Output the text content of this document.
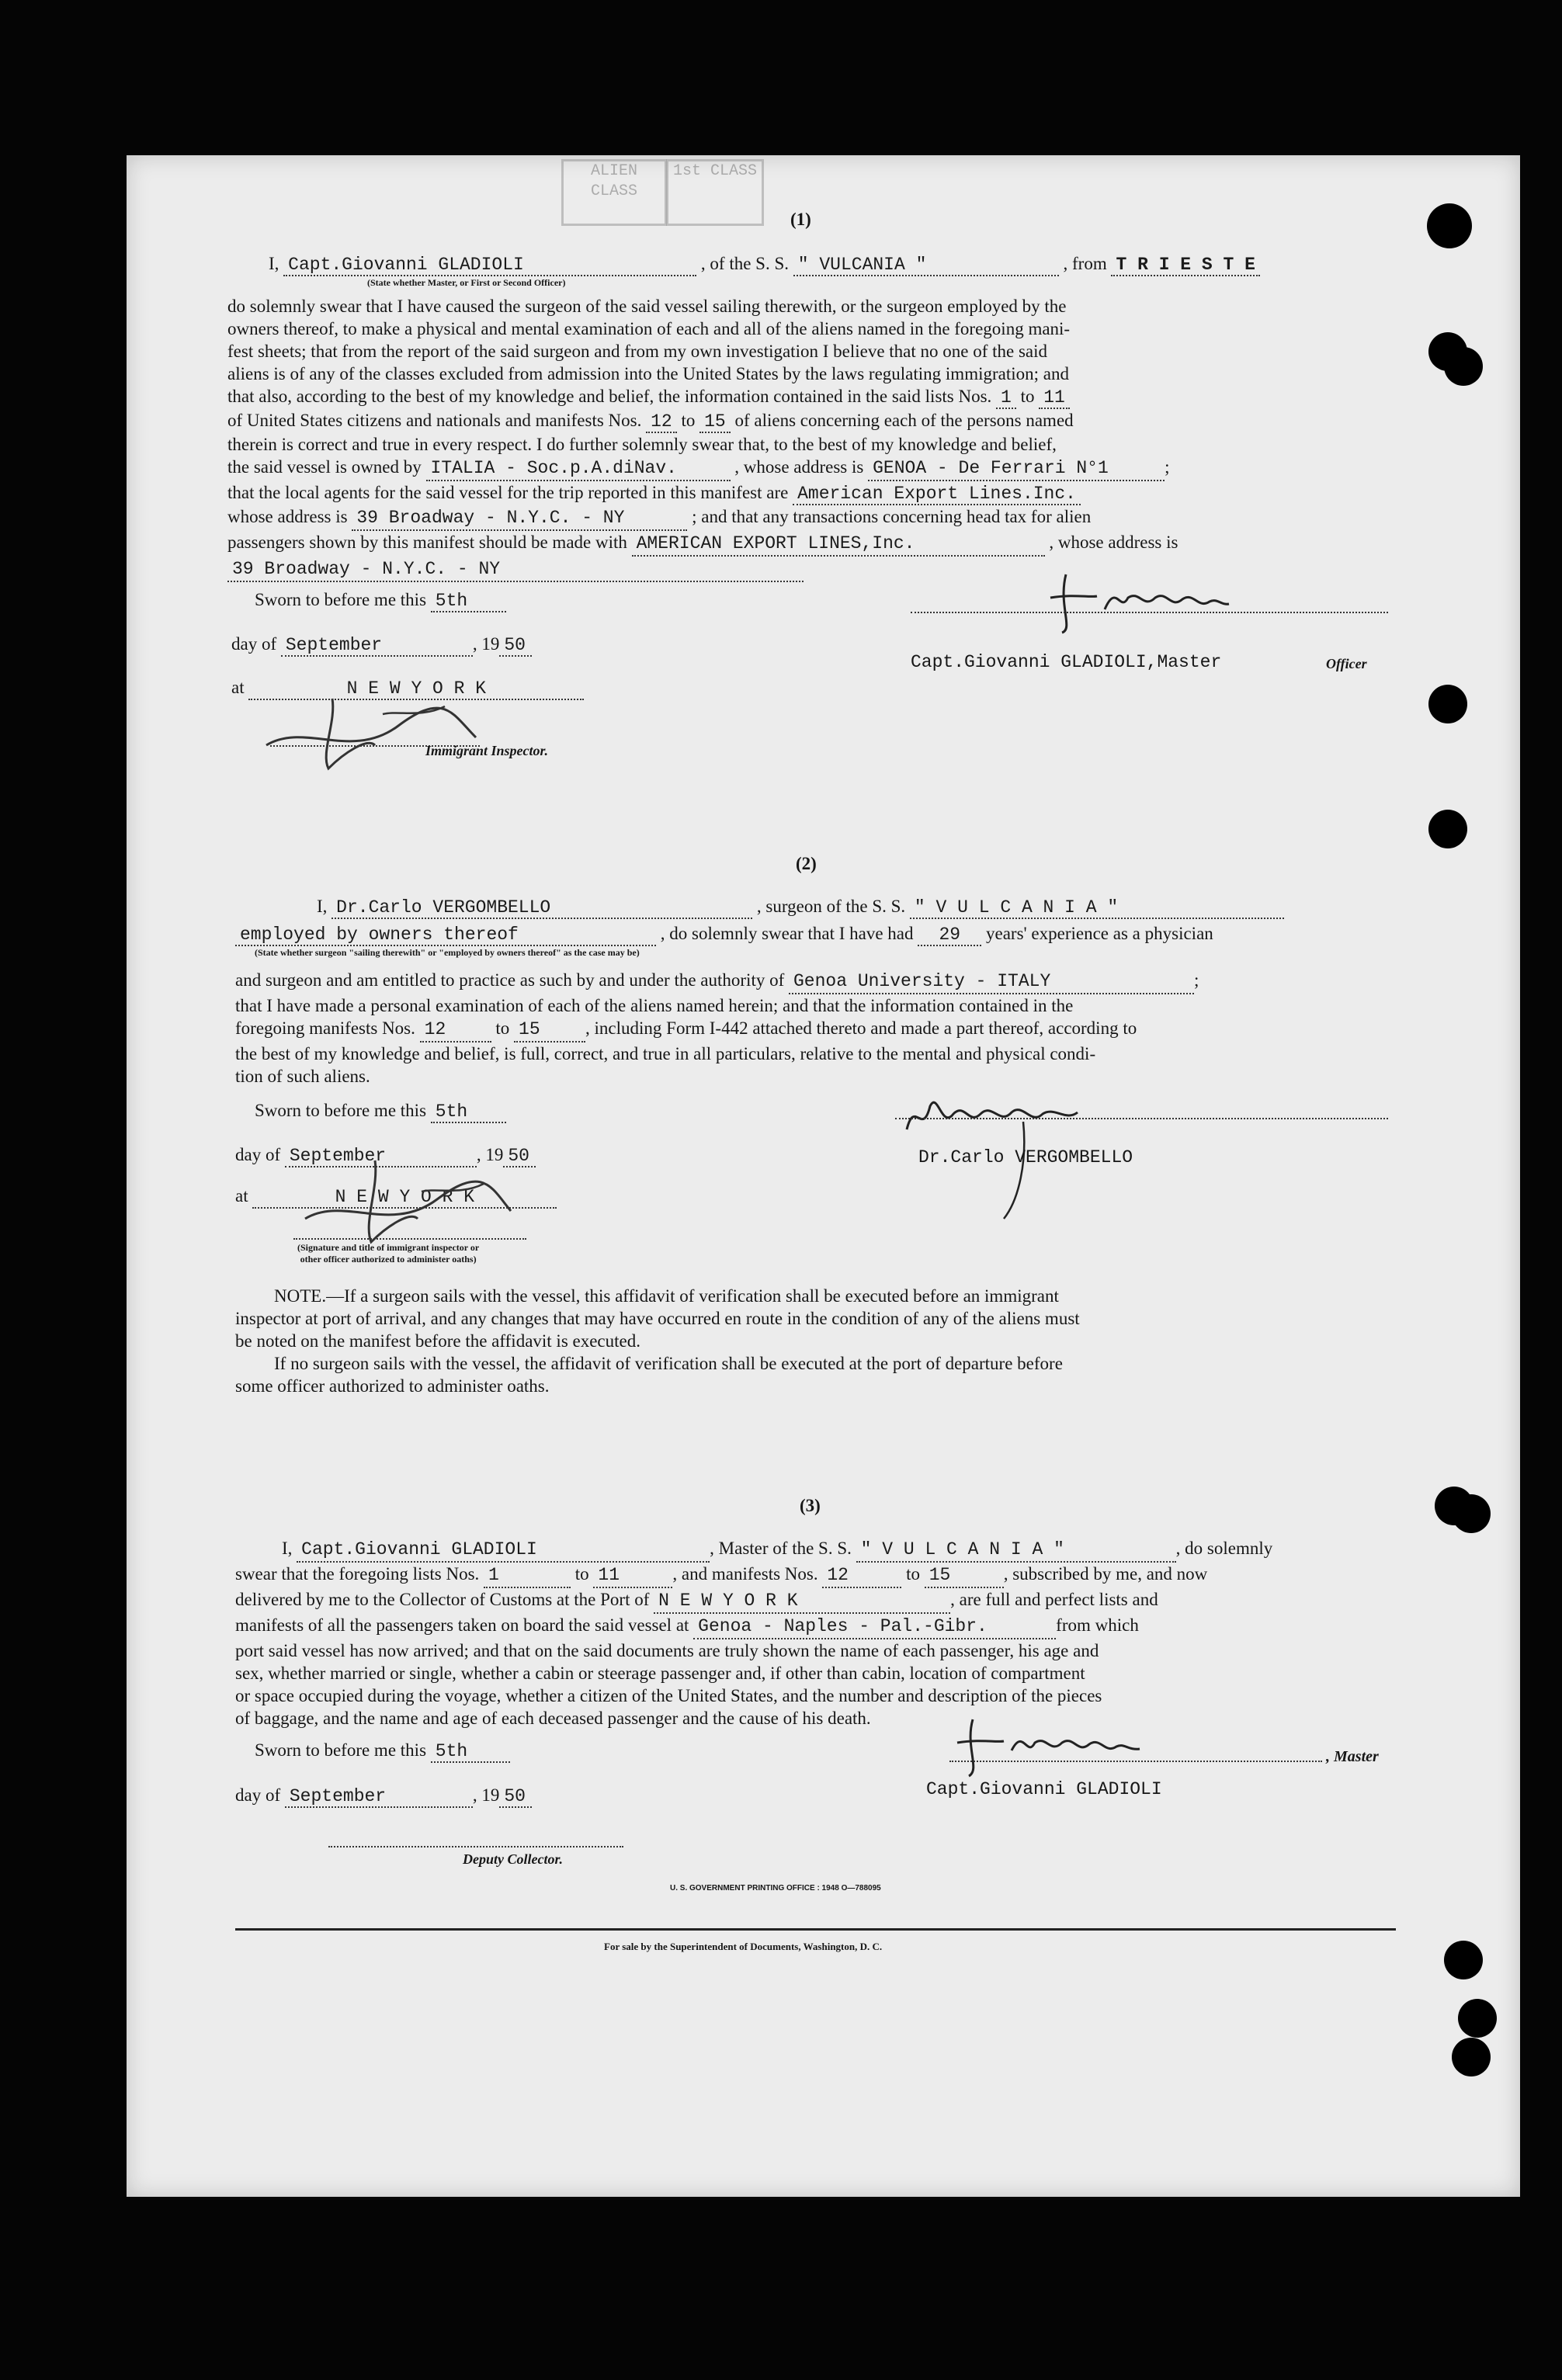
ALIEN
CLASS
1st CLASS
(1)
I, Capt.Giovanni GLADIOLI	, of the S. S. " VULCANIA "	, from T R I E S T E
(State whether Master, or First or Second Officer)
do solemnly swear that I have caused the surgeon of the said vessel sailing therewith, or the surgeon employed by the
owners thereof, to make a physical and mental examination of each and all of the aliens named in the foregoing mani-
fest sheets; that from the report of the said surgeon and from my own investigation I believe that no one of the said
aliens is of any of the classes excluded from admission into the United States by the laws regulating immigration; and
that also, according to the best of my knowledge and belief, the information contained in the said lists Nos. 1 to 11
of United States citizens and nationals and manifests Nos. 12 to 15 of aliens concerning each of the persons named
therein is correct and true in every respect. I do further solemnly swear that, to the best of my knowledge and belief,
the said vessel is owned by ITALIA - Soc.p.A.diNav.	, whose address is GENOA - De Ferrari N°1	;
that the local agents for the said vessel for the trip reported in this manifest are American Export Lines.Inc.
whose address is 39 Broadway - N.Y.C. - NY	; and that any transactions concerning head tax for alien
passengers shown by this manifest should be made with AMERICAN EXPORT LINES,Inc.	, whose address is
39 Broadway - N.Y.C. - NY
Sworn to before me this 5th
day of September	, 19 50
at	N E W Y O R K
Immigrant Inspector.
Capt.Giovanni GLADIOLI,Master	Officer
(2)
I, Dr.Carlo VERGOMBELLO	, surgeon of the S. S. " V U L C A N I A "
employed by owners thereof	, do solemnly swear that I have had 29 years' experience as a physician
(State whether surgeon "sailing therewith" or "employed by owners thereof" as the case may be)
and surgeon and am entitled to practice as such by and under the authority of Genoa University - ITALY	;
that I have made a personal examination of each of the aliens named herein; and that the information contained in the
foregoing manifests Nos. 12	to 15	, including Form I-442 attached thereto and made a part thereof, according to
the best of my knowledge and belief, is full, correct, and true in all particulars, relative to the mental and physical condi-
tion of such aliens.
Sworn to before me this 5th
day of September	, 19 50
at	N E W Y O R K
(Signature and title of immigrant inspector or
other officer authorized to administer oaths)
Dr.Carlo VERGOMBELLO
NOTE.—If a surgeon sails with the vessel, this affidavit of verification shall be executed before an immigrant
inspector at port of arrival, and any changes that may have occurred en route in the condition of any of the aliens must
be noted on the manifest before the affidavit is executed.
If no surgeon sails with the vessel, the affidavit of verification shall be executed at the port of departure before
some officer authorized to administer oaths.
(3)
I, Capt.Giovanni GLADIOLI	, Master of the S. S. " V U L C A N I A "	, do solemnly
swear that the foregoing lists Nos. 1	to 11	, and manifests Nos. 12	to 15	, subscribed by me, and now
delivered by me to the Collector of Customs at the Port of N E W Y O R K	, are full and perfect lists and
manifests of all the passengers taken on board the said vessel at Genoa - Naples - Pal.-Gibr.	from which
port said vessel has now arrived; and that on the said documents are truly shown the name of each passenger, his age and
sex, whether married or single, whether a cabin or steerage passenger and, if other than cabin, location of compartment
or space occupied during the voyage, whether a citizen of the United States, and the number and description of the pieces
of baggage, and the name and age of each deceased passenger and the cause of his death.
Sworn to before me this 5th
day of September	, 19 50
Deputy Collector.
, Master
Capt.Giovanni GLADIOLI
U. S. GOVERNMENT PRINTING OFFICE : 1948 O—788095
For sale by the Superintendent of Documents, Washington, D. C.
